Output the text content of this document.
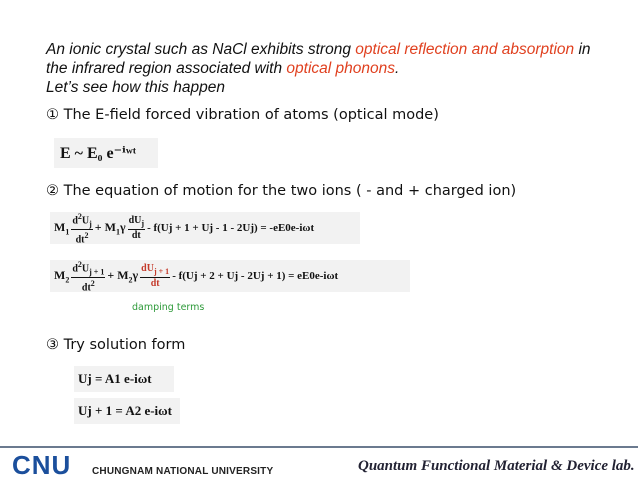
An ionic crystal such as NaCl exhibits strong optical reflection and absorption in the infrared region associated with optical phonons.
Let’s see how this happen
① The E-field forced vibration of atoms (optical mode)
E ~ E₀ e⁻ⁱʷᵗ
② The equation of motion for the two ions ( - and + charged ion)
$M_1 \frac{d^2U_j}{dt^2} + M_1\gamma \frac{dU_j}{dt} - f(Uj + 1 + Uj - 1 - 2Uj) = -eE0e-i\omega t$
$M_2 \frac{d^2U_{j + 1}}{dt^2} + M_2\gamma \frac{dU_{j + 1}}{dt} - f(Uj + 2 + Uj - 2Uj + 1) = eE0e-i\omega t$
damping terms
③ Try solution form
Uj = A1 e-iωt
Uj + 1 = A2 e-iωt
CNU CHUNGNAM NATIONAL UNIVERSITY	Quantum Functional Material & Device lab.
